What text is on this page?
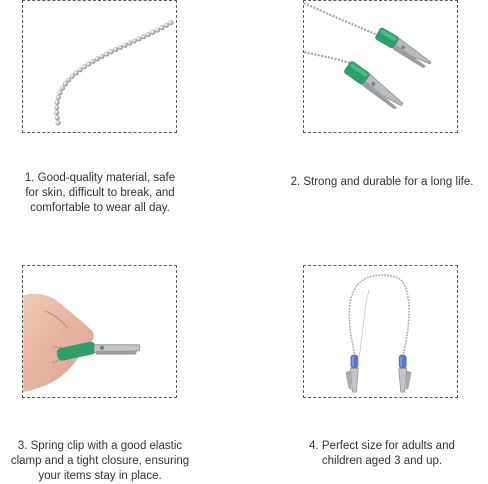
1. Good-quality material, safe
for skin, difficult to break, and
comfortable to wear all day.
2. Strong and durable for a long life.
3. Spring clip with a good elastic
clamp and a tight closure, ensuring
your items stay in place.
4. Perfect size for adults and
children aged 3 and up.
